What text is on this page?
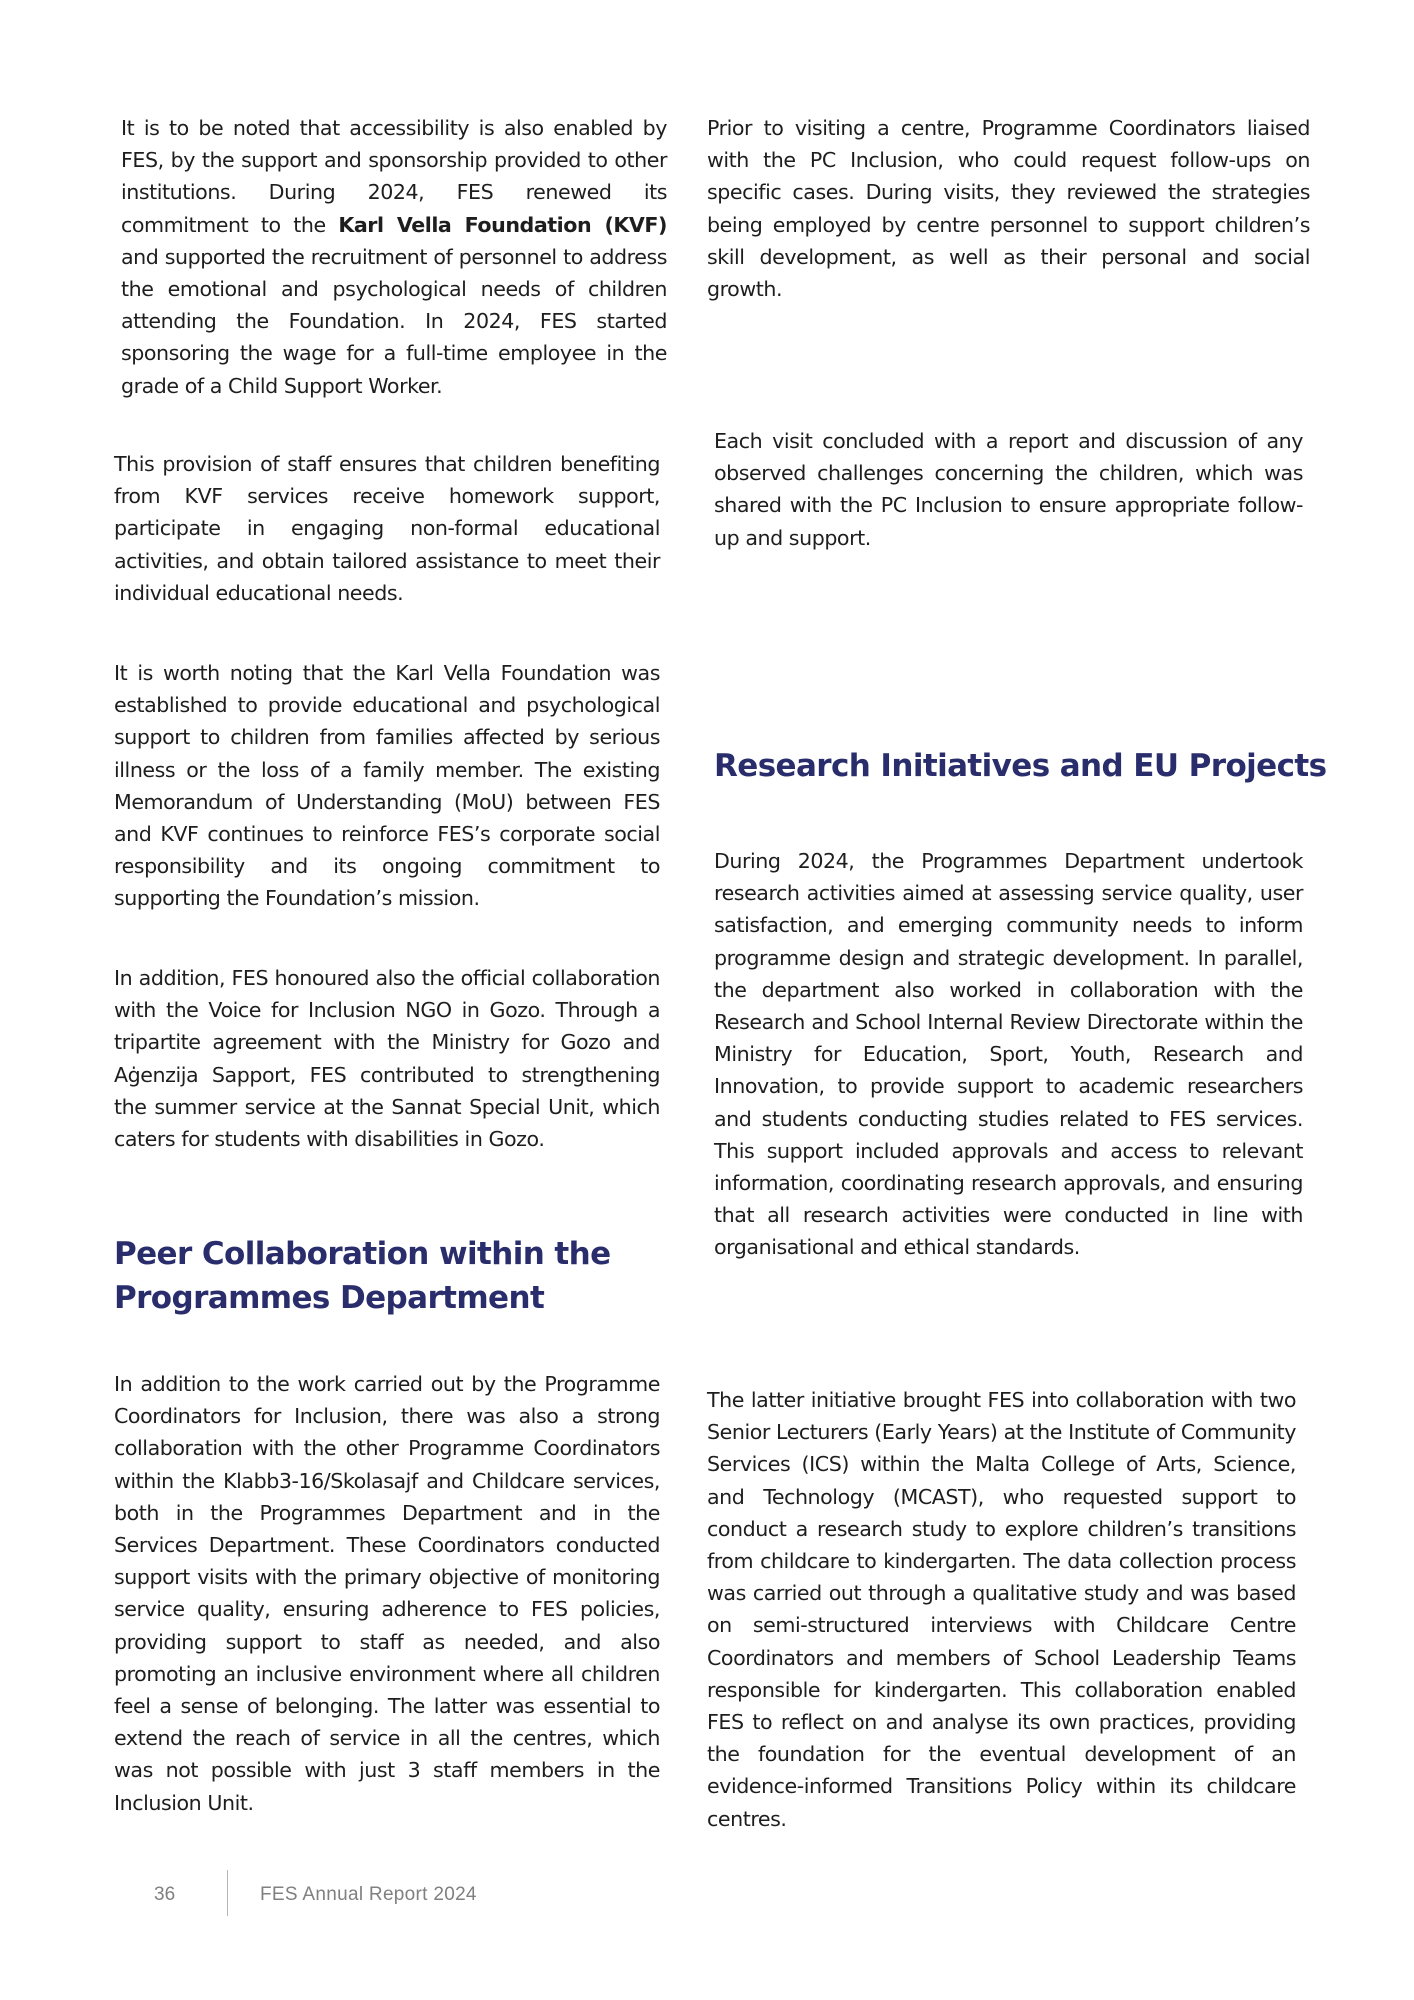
It is to be noted that accessibility is also enabled by FES, by the support and sponsorship provided to other institutions. During 2024, FES renewed its commitment to the Karl Vella Foundation (KVF) and supported the recruitment of personnel to address the emotional and psychological needs of children attending the Foundation. In 2024, FES started sponsoring the wage for a full-time employee in the grade of a Child Support Worker.

This provision of staff ensures that children benefiting from KVF services receive homework support, participate in engaging non-formal educational activities, and obtain tailored assistance to meet their individual educational needs.

It is worth noting that the Karl Vella Foundation was established to provide educational and psychological support to children from families affected by serious illness or the loss of a family member. The existing Memorandum of Understanding (MoU) between FES and KVF continues to reinforce FES’s corporate social responsibility and its ongoing commitment to supporting the Foundation’s mission.

In addition, FES honoured also the official collaboration with the Voice for Inclusion NGO in Gozo. Through a tripartite agreement with the Ministry for Gozo and Aġenzija Sapport, FES contributed to strengthening the summer service at the Sannat Special Unit, which caters for students with disabilities in Gozo.

Peer Collaboration within the
Programmes Department

In addition to the work carried out by the Programme Coordinators for Inclusion, there was also a strong collaboration with the other Programme Coordinators within the Klabb3-16/Skolasajf and Childcare services, both in the Programmes Department and in the Services Department. These Coordinators conducted support visits with the primary objective of monitoring service quality, ensuring adherence to FES policies, providing support to staff as needed, and also promoting an inclusive environment where all children feel a sense of belonging. The latter was essential to extend the reach of service in all the centres, which was not possible with just 3 staff members in the Inclusion Unit.

Prior to visiting a centre, Programme Coordinators liaised with the PC Inclusion, who could request follow-ups on specific cases. During visits, they reviewed the strategies being employed by centre personnel to support children’s skill development, as well as their personal and social growth.

Each visit concluded with a report and discussion of any observed challenges concerning the children, which was shared with the PC Inclusion to ensure appropriate follow-up and support.

Research Initiatives and EU Projects

During 2024, the Programmes Department undertook research activities aimed at assessing service quality, user satisfaction, and emerging community needs to inform programme design and strategic development. In parallel, the department also worked in collaboration with the Research and School Internal Review Directorate within the Ministry for Education, Sport, Youth, Research and Innovation, to provide support to academic researchers and students conducting studies related to FES services. This support included approvals and access to relevant information, coordinating research approvals, and ensuring that all research activities were conducted in line with organisational and ethical standards.

The latter initiative brought FES into collaboration with two Senior Lecturers (Early Years) at the Institute of Community Services (ICS) within the Malta College of Arts, Science, and Technology (MCAST), who requested support to conduct a research study to explore children’s transitions from childcare to kindergarten. The data collection process was carried out through a qualitative study and was based on semi-structured interviews with Childcare Centre Coordinators and members of School Leadership Teams responsible for kindergarten. This collaboration enabled FES to reflect on and analyse its own practices, providing the foundation for the eventual development of an evidence-informed Transitions Policy within its childcare centres.

36	FES Annual Report 2024
